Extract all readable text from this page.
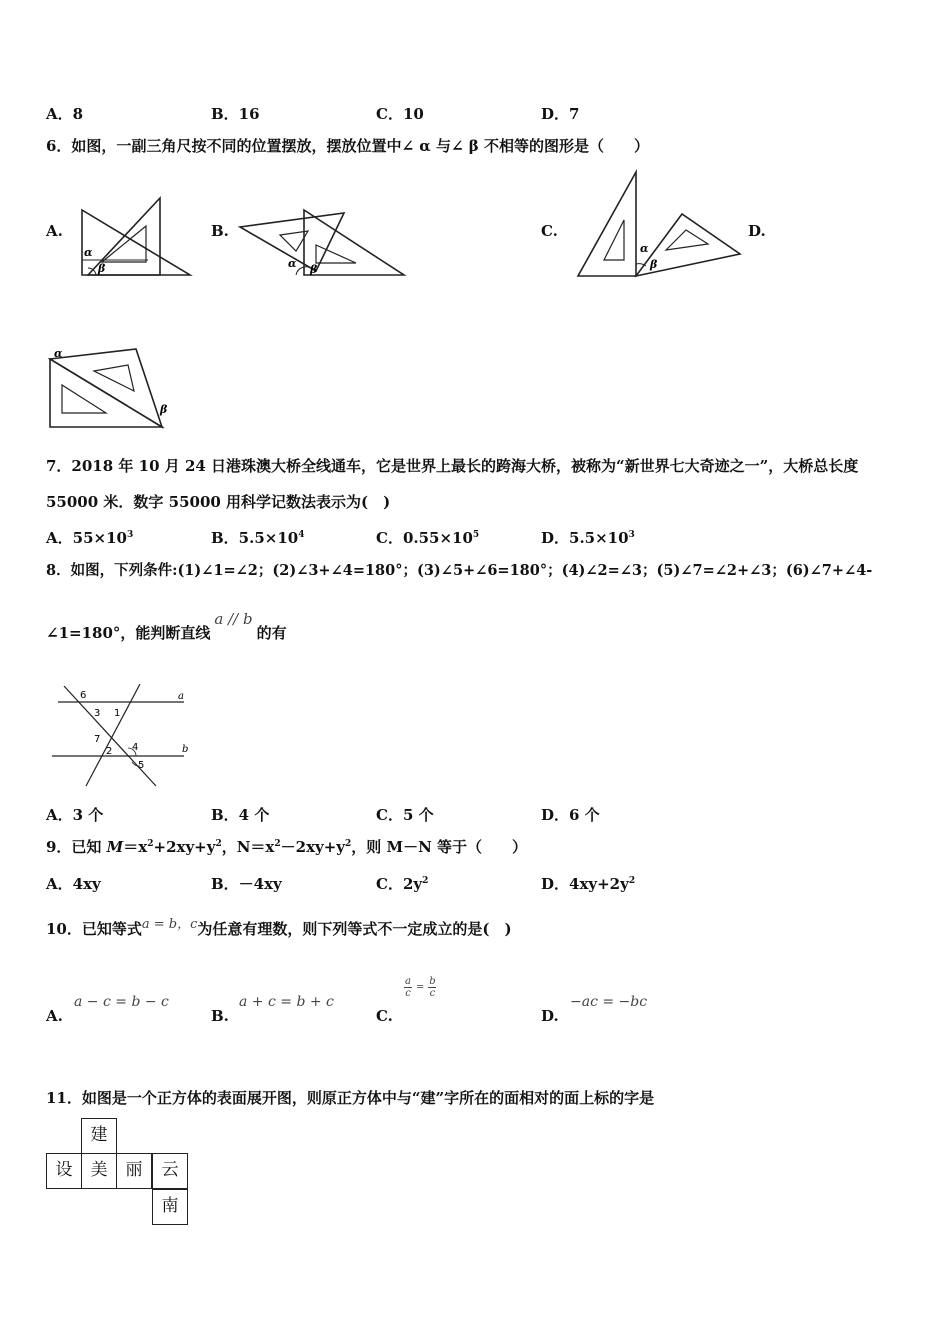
A．8	B．16	C．10	D．7
6．如图，一副三角尺按不同的位置摆放，摆放位置中∠ α 与∠ β 不相等的图形是（　　）
A.
α
β
B.
α β
C.
α
β
D.
α
β
7．2018 年 10 月 24 日港珠澳大桥全线通车，它是世界上最长的跨海大桥，被称为“新世界七大奇迹之一”，大桥总长度
55000 米．数字 55000 用科学记数法表示为(　)
A．$55\times 10^3$	B．$5.5\times 10^4$	C．$0.55\times 10^5$	D．$5.5\times 10^3$
8．如图，下列条件:(1)∠1=∠2；(2)∠3+∠4=180°；(3)∠5+∠6=180°；(4)∠2=∠3；(5)∠7=∠2+∠3；(6)∠7+∠4-
∠1=180°，能判断直线a // b的有
6
3 1
7
2 4
5
a
b
A．3 个	B．4 个	C．5 个	D．6 个
9．已知 $M=x^2+2xy+y^2$，$N=x^2-2xy+y^2$，则 M－N 等于（　　）
A．4xy	B．－4xy	C．$2y^2$	D．$4xy+2y^2$
10．已知等式a = b，c为任意有理数，则下列等式不一定成立的是(　)
A.
a − c = b − c
B.
a + c = b + c
C.
a
c
=
b
c
D.
−ac = −bc
11．如图是一个正方体的表面展开图，则原正方体中与“建”字所在的面相对的面上标的字是
建
设	美	丽	云
南
